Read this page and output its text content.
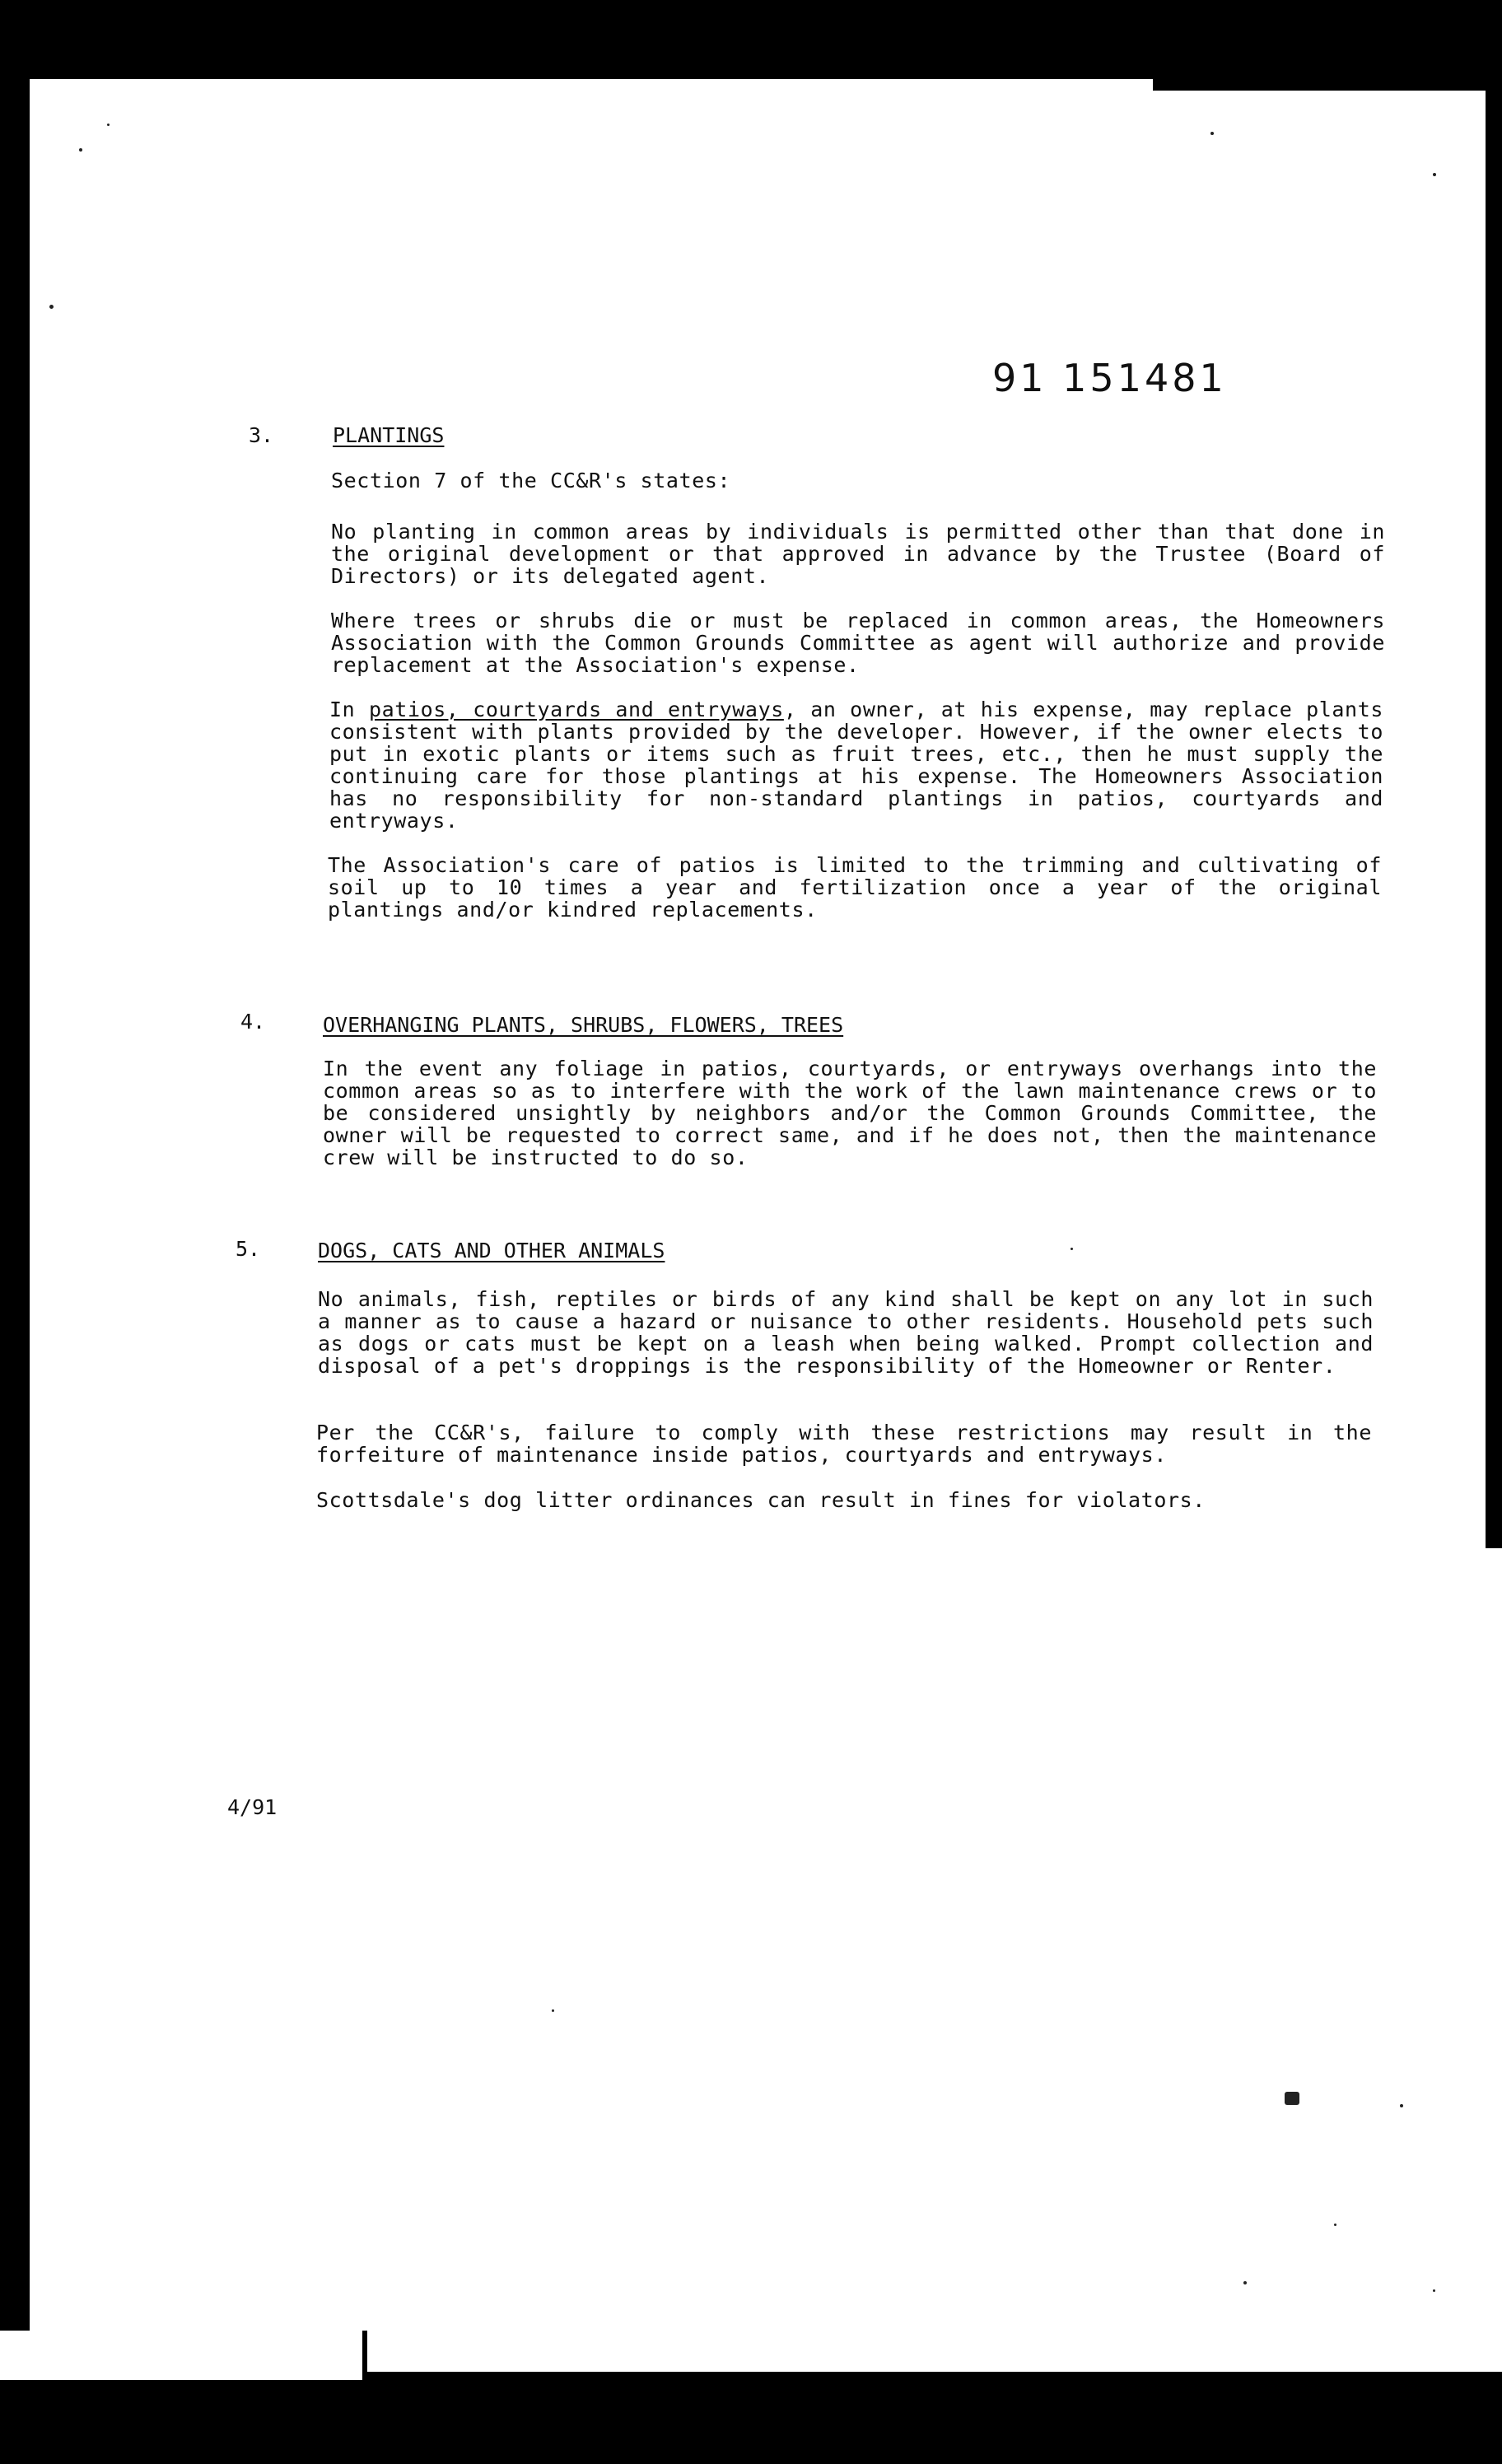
91 151481
3.	PLANTINGS
Section 7 of the CC&R's states:
No planting in common areas by individuals is permitted other than that done in the original development or that approved in advance by the Trustee (Board of Directors) or its delegated agent.
Where trees or shrubs die or must be replaced in common areas, the Homeowners Association with the Common Grounds Committee as agent will authorize and provide replacement at the Association's expense.
In patios, courtyards and entryways, an owner, at his expense, may replace plants consistent with plants provided by the developer. However, if the owner elects to put in exotic plants or items such as fruit trees, etc., then he must supply the continuing care for those plantings at his expense. The Homeowners Association has no responsibility for non-standard plantings in patios, courtyards and entryways.
The Association's care of patios is limited to the trimming and cultivating of soil up to 10 times a year and fertilization once a year of the original plantings and/or kindred replacements.
4.	OVERHANGING PLANTS, SHRUBS, FLOWERS, TREES
In the event any foliage in patios, courtyards, or entryways overhangs into the common areas so as to interfere with the work of the lawn maintenance crews or to be considered unsightly by neighbors and/or the Common Grounds Committee, the owner will be requested to correct same, and if he does not, then the maintenance crew will be instructed to do so.
5.	DOGS, CATS AND OTHER ANIMALS
No animals, fish, reptiles or birds of any kind shall be kept on any lot in such a manner as to cause a hazard or nuisance to other residents. Household pets such as dogs or cats must be kept on a leash when being walked. Prompt collection and disposal of a pet's droppings is the responsibility of the Homeowner or Renter.
Per the CC&R's, failure to comply with these restrictions may result in the forfeiture of maintenance inside patios, courtyards and entryways.
Scottsdale's dog litter ordinances can result in fines for violators.
4/91
